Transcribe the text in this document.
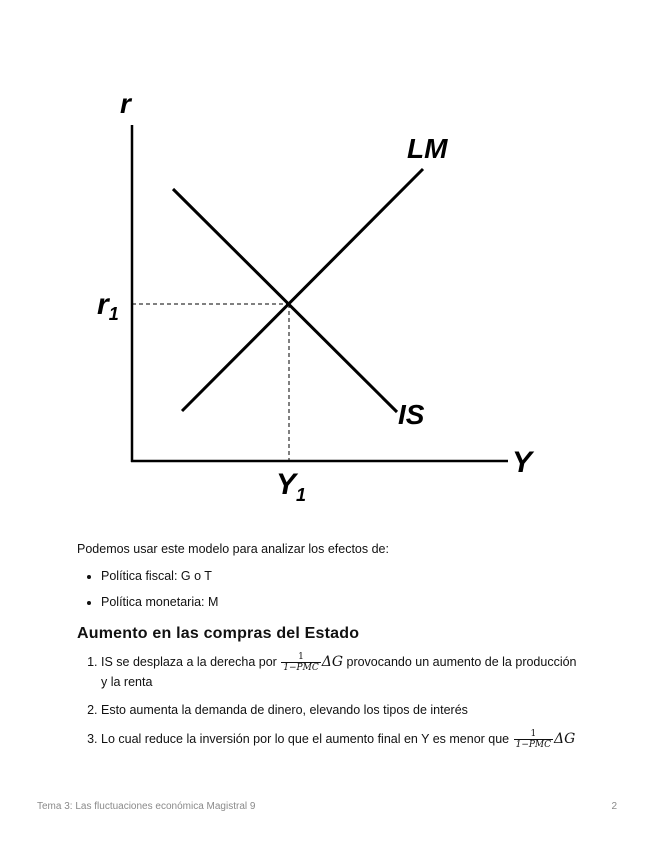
r
Y
LM
IS
$r_1$
$Y_1$

Podemos usar este modelo para analizar los efectos de:

• Política fiscal: G o T
• Política monetaria: M
Aumento en las compras del Estado
1. IS se desplaza a la derecha por $\frac{1}{\text{1−PMC}}$ ΔG provocando un aumento de la producción y la renta
2. Esto aumenta la demanda de dinero, elevando los tipos de interés
3. Lo cual reduce la inversión por lo que el aumento final en Y es menor que $\frac{1}{\text{1−PMC}}$ ΔG
Tema 3: Las fluctuaciones económica Magistral 9	2
